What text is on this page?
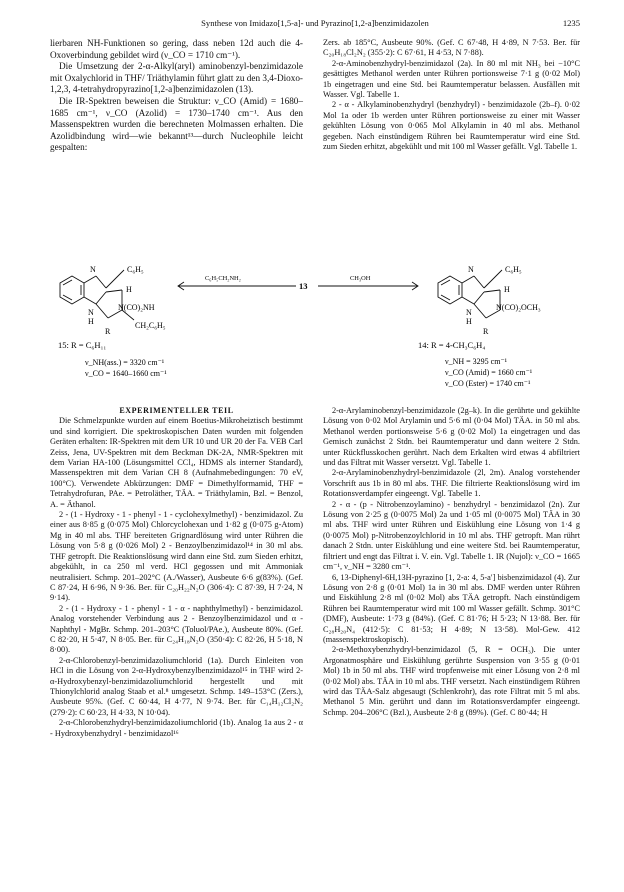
Synthese von Imidazo[1,5-a]- und Pyrazino[1,2-a]benzimidazolen	1235

lierbaren NH-Funktionen so gering, dass neben 12d auch die 4-Oxoverbindung gebildet wird (ν_CO = 1710 cm⁻¹).

Die Umsetzung der 2-α-Alkyl(aryl) aminobenzyl-benzimidazole mit Oxalychlorid in THF/ Triäthylamin führt glatt zu den 3,4-Dioxo-1,2,3, 4-tetrahydropyrazino[1,2-a]benzimidazolen (13).

Die IR-Spektren beweisen die Struktur: ν_CO (Amid) = 1680–1685 cm⁻¹, ν_CO (Azolid) = 1730–1740 cm⁻¹. Aus den Massenspektren wurden die berechneten Molmassen erhalten. Die Azolidbindung wird—wie bekannt¹³—durch Nucleophile leicht gespalten:

Zers. ab 185°C, Ausbeute 90%. (Gef. C 67·48, H 4·89, N 7·53. Ber. für C₂₀H₁₈Cl₂N₂ (355·2): C 67·61, H 4·53, N 7·88).

2-α-Aminobenzhydryl-benzimidazol (2a). In 80 ml mit NH₃ bei −10°C gesättigtes Methanol werden unter Rühren portionsweise 7·1 g (0·02 Mol) 1b eingetragen und eine Std. bei Raumtemperatur belassen. Ausfällen mit Wasser. Vgl. Tabelle 1.

2 - α - Alkylaminobenzhydryl (benzhydryl) - benzimidazole (2b–f). 0·02 Mol 1a oder 1b werden unter Rühren portionsweise zu einer mit Wasser gekühlten Lösung von 0·065 Mol Alkylamin in 40 ml abs. Methanol gegeben. Nach einstündigem Rühren bei Raumtemperatur wird eine Std. zum Sieden erhitzt, abgekühlt und mit 100 ml Wasser gefällt. Vgl. Tabelle 1.

N	C₆H₅
H
N(CO)₂NH
N
H
R
CH₂C₆H₅
15: R = C₆H₁₁
ν_NH(ass.) = 3320 cm⁻¹
ν_CO = 1640–1660 cm⁻¹
C₆H₅CH₂NH₂
13
CH₃OH
N	C₆H₅
H
N(CO)₂OCH₃
N
H
R
14: R = 4-CH₃C₆H₄
ν_NH = 3295 cm⁻¹
ν_CO (Amid) = 1660 cm⁻¹
ν_CO (Ester) = 1740 cm⁻¹

EXPERIMENTELLER TEIL

Die Schmelzpunkte wurden auf einem Boetius-Mikroheiztisch bestimmt und sind korrigiert. Die spektroskopischen Daten wurden mit folgenden Geräten erhalten: IR-Spektren mit dem UR 10 und UR 20 der Fa. VEB Carl Zeiss, Jena, UV-Spektren mit dem Beckman DK-2A, NMR-Spektren mit dem Varian HA-100 (Lösungsmittel CCl₄, HDMS als interner Standard), Massenspektren mit dem Varian CH 8 (Aufnahmebedingungen: 70 eV, 100°C). Verwendete Abkürzungen: DMF = Dimethylformamid, THF = Tetrahydrofuran, PAe. = Petroläther, TÄA. = Triäthylamin, Bzl. = Benzol, A. = Äthanol.

2 - (1 - Hydroxy - 1 - phenyl - 1 - cyclohexylmethyl) - benzimidazol. Zu einer aus 8·85 g (0·075 Mol) Chlorcyclohexan und 1·82 g (0·075 g-Atom) Mg in 40 ml abs. THF bereiteten Grignardlösung wird unter Rühren die Lösung von 5·8 g (0·026 Mol) 2 - Benzoylbenzimidazol¹⁴ in 30 ml abs. THF getropft. Die Reaktionslösung wird dann eine Std. zum Sieden erhitzt, abgekühlt, in ca 250 ml verd. HCl gegossen und mit Ammoniak neutralisiert. Schmp. 201–202°C (A./Wasser), Ausbeute 6·6 g(83%). (Gef. C 87·24, H 6·96, N 9·36. Ber. für C₂₀H₂₂N₂O (306·4): C 87·39, H 7·24, N 9·14).

2 - (1 - Hydroxy - 1 - phenyl - 1 - α - naphthylmethyl) - benzimidazol. Analog vorstehender Verbindung aus 2 - Benzoylbenzimidazol und α - Naphthyl - MgBr. Schmp. 201–203°C (Toluol/PAe.), Ausbeute 80%. (Gef. C 82·20, H 5·47, N 8·05. Ber. für C₂₄H₁₈N₂O (350·4): C 82·26, H 5·18, N 8·00).

2-α-Chlorobenzyl-benzimidazoliumchlorid (1a). Durch Einleiten von HCl in die Lösung von 2-α-Hydroxybenzylbenzimidazol¹⁵ in THF wird 2-α-Hydroxybenzyl-benzimidazoliumchlorid hergestellt und mit Thionylchlorid analog Staab et al.⁸ umgesetzt. Schmp. 149–153°C (Zers.), Ausbeute 95%. (Gef. C 60·44, H 4·77, N 9·74. Ber. für C₁₄H₁₂Cl₂N₂ (279·2): C 60·23, H 4·33, N 10·04).

2-α-Chlorobenzhydryl-benzimidazoliumchlorid (1b). Analog 1a aus 2 - α - Hydroxybenzhydryl - benzimidazol¹⁶

2-α-Arylaminobenzyl-benzimidazole (2g–k). In die gerührte und gekühlte Lösung von 0·02 Mol Arylamin und 5·6 ml (0·04 Mol) TÄA. in 50 ml abs. Methanol werden portionsweise 5·6 g (0·02 Mol) 1a eingetragen und das Gemisch zunächst 2 Stdn. bei Raumtemperatur und dann weitere 2 Stdn. unter Rückflusskochen gerührt. Nach dem Erkalten wird etwas 4 abfiltriert und das Filtrat mit Wasser versetzt. Vgl. Tabelle 1.

2-α-Arylaminobenzhydryl-benzimidazole (2l, 2m). Analog vorstehender Vorschrift aus 1b in 80 ml abs. THF. Die filtrierte Reaktionslösung wird im Rotationsverdampfer eingeengt. Vgl. Tabelle 1.

2 - α - (p - Nitrobenzoylamino) - benzhydryl - benzimidazol (2n). Zur Lösung von 2·25 g (0·0075 Mol) 2a und 1·05 ml (0·0075 Mol) TÄA in 30 ml abs. THF wird unter Rühren und Eiskühlung eine Lösung von 1·4 g (0·0075 Mol) p-Nitrobenzoylchlorid in 10 ml abs. THF getropft. Man rührt danach 2 Stdn. unter Eiskühlung und eine weitere Std. bei Raumtemperatur, filtriert und engt das Filtrat i. V. ein. Vgl. Tabelle 1. IR (Nujol): ν_CO = 1665 cm⁻¹, ν_NH = 3280 cm⁻¹.

6, 13-Diphenyl-6H,13H-pyrazino [1, 2-a: 4, 5-a′] bisbenzimidazol (4). Zur Lösung von 2·8 g (0·01 Mol) 1a in 30 ml abs. DMF werden unter Rühren und Eiskühlung 2·8 ml (0·02 Mol) abs TÄA getropft. Nach einstündigem Rühren bei Raumtemperatur wird mit 100 ml Wasser gefällt. Schmp. 301°C (DMF), Ausbeute: 1·73 g (84%). (Gef. C 81·76; H 5·23; N 13·88. Ber. für C₂₈H₂₀N₄ (412·5): C 81·53; H 4·89; N 13·58). Mol-Gew. 412 (massenspektroskopisch).

2-α-Methoxybenzhydryl-benzimidazol (5, R = OCH₃). Die unter Argonatmosphäre und Eiskühlung gerührte Suspension von 3·55 g (0·01 Mol) 1b in 50 ml abs. THF wird tropfenweise mit einer Lösung von 2·8 ml (0·02 Mol) abs. TÄA in 10 ml abs. THF versetzt. Nach einstündigem Rühren wird das TÄA-Salz abgesaugt (Schlenkrohr), das rote Filtrat mit 5 ml abs. Methanol 5 Min. gerührt und dann im Rotationsverdampfer eingeengt. Schmp. 204–206°C (Bzl.), Ausbeute 2·8 g (89%). (Gef. C 80·44; H
